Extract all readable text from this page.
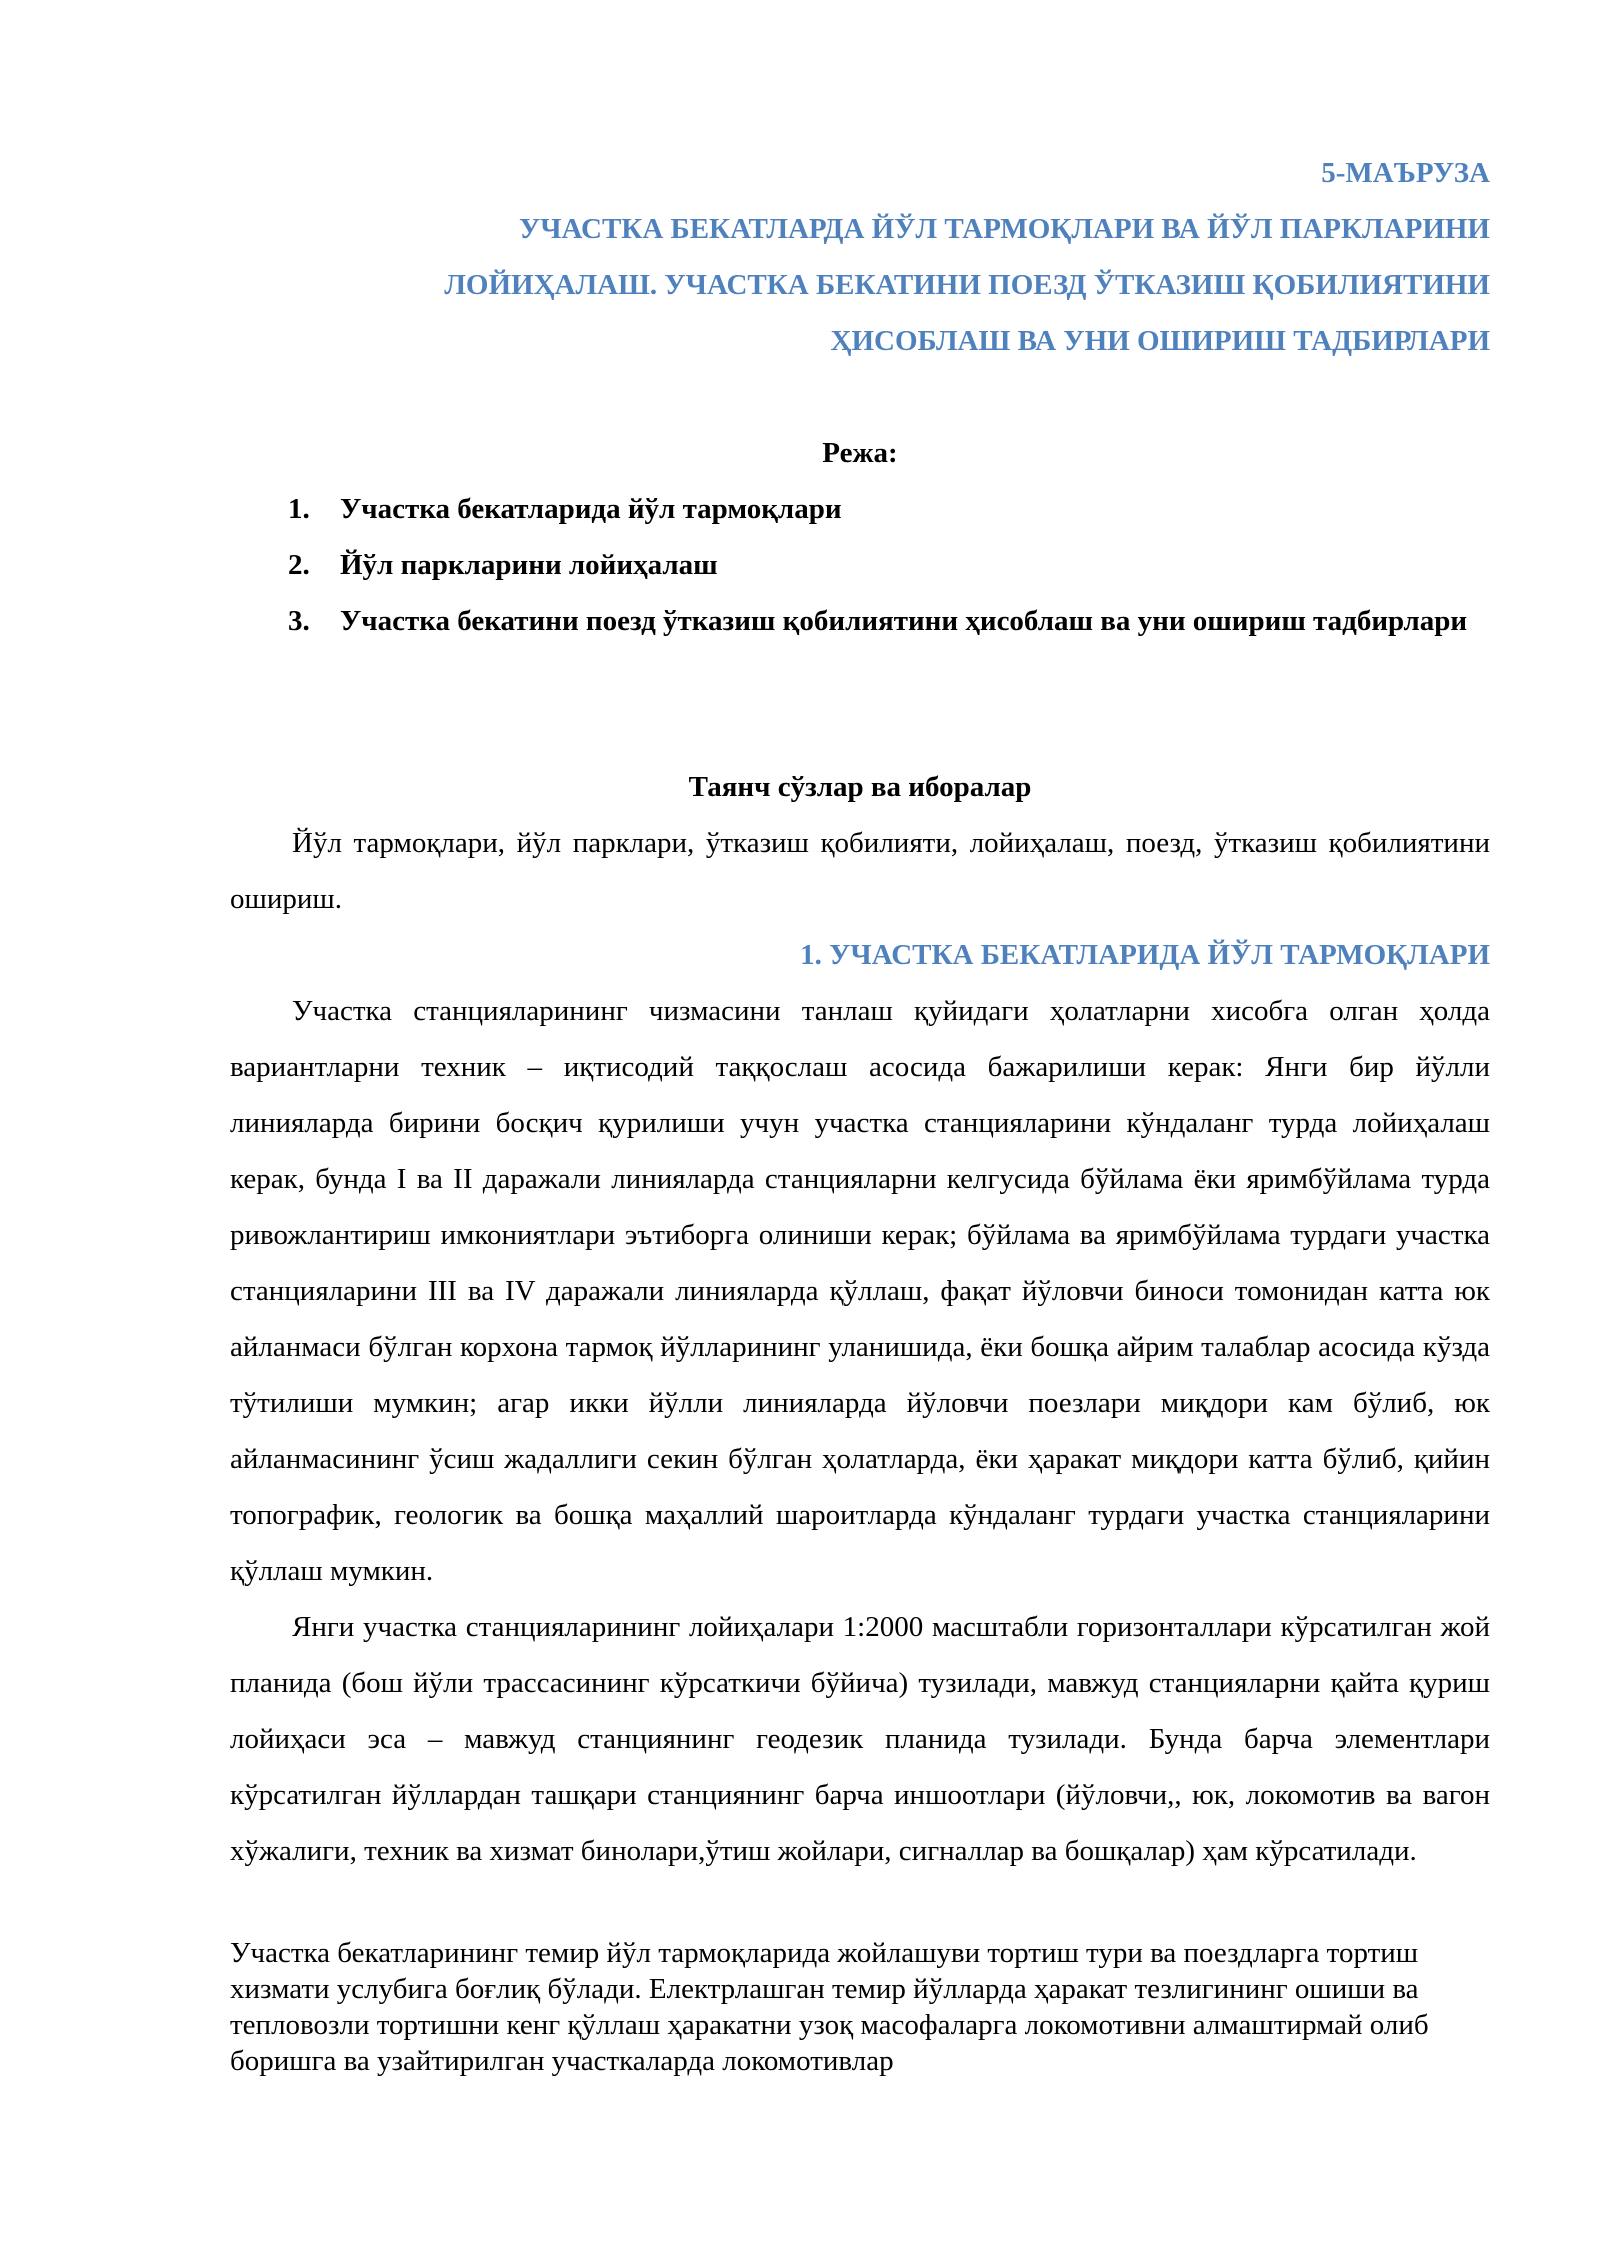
5-МАЪРУЗА

УЧАСТКА БЕКАТЛАРДА ЙЎЛ ТАРМОҚЛАРИ ВА ЙЎЛ ПАРКЛАРИНИ

ЛОЙИҲАЛАШ. УЧАСТКА БЕКАТИНИ ПОЕЗД ЎТКАЗИШ ҚОБИЛИЯТИНИ

ҲИСОБЛАШ ВА УНИ ОШИРИШ ТАДБИРЛАРИ

Режа:

1. Участка бекатларида йўл тармоқлари
2. Йўл паркларини лойиҳалаш
3. Участка бекатини поезд ўтказиш қобилиятини ҳисоблаш ва уни ошириш тадбирлари

Таянч сўзлар ва иборалар

Йўл тармоқлари, йўл парклари, ўтказиш қобилияти, лойиҳалаш, поезд, ўтказиш қобилиятини ошириш.

1. УЧАСТКА БЕКАТЛАРИДА ЙЎЛ ТАРМОҚЛАРИ

Участка станцияларининг чизмасини танлаш қуйидаги ҳолатларни хисобга олган ҳолда вариантларни техник – иқтисодий таққослаш асосида бажарилиши керак: Янги бир йўлли линияларда бирини босқич қурилиши учун участка станцияларини кўндаланг турда лойиҳалаш керак, бунда I ва II даражали линияларда станцияларни келгусида бўйлама ёки яримбўйлама турда ривожлантириш имкониятлари эътиборга олиниши керак; бўйлама ва яримбўйлама турдаги участка станцияларини III ва IV даражали линияларда қўллаш, фақат йўловчи биноси томонидан катта юк айланмаси бўлган корхона тармоқ йўлларининг уланишида, ёки бошқа айрим талаблар асосида кўзда тўтилиши мумкин; агар икки йўлли линияларда йўловчи поезлари миқдори кам бўлиб, юк айланмасининг ўсиш жадаллиги секин бўлган ҳолатларда, ёки ҳаракат миқдори катта бўлиб, қийин топографик, геологик ва бошқа маҳаллий шароитларда кўндаланг турдаги участка станцияларини қўллаш мумкин.

Янги участка станцияларининг лойиҳалари 1:2000 масштабли горизонталлари кўрсатилган жой планида (бош йўли трассасининг кўрсаткичи бўйича) тузилади, мавжуд станцияларни қайта қуриш лойиҳаси эса – мавжуд станциянинг геодезик планида тузилади. Бунда барча элементлари кўрсатилган йўллардан ташқари станциянинг барча иншоотлари (йўловчи,, юк, локомотив ва вагон хўжалиги, техник ва хизмат бинолари,ўтиш жойлари, сигналлар ва бошқалар) ҳам кўрсатилади.

Участка бекатларининг темир йўл тармоқларида жойлашуви тортиш тури ва поездларга тортиш хизмати услубига боғлиқ бўлади. Електрлашган темир йўлларда ҳаракат тезлигининг ошиши ва тепловозли тортишни кенг қўллаш ҳаракатни узоқ масофаларга локомотивни алмаштирмай олиб боришга ва узайтирилган участкаларда локомотивлар
